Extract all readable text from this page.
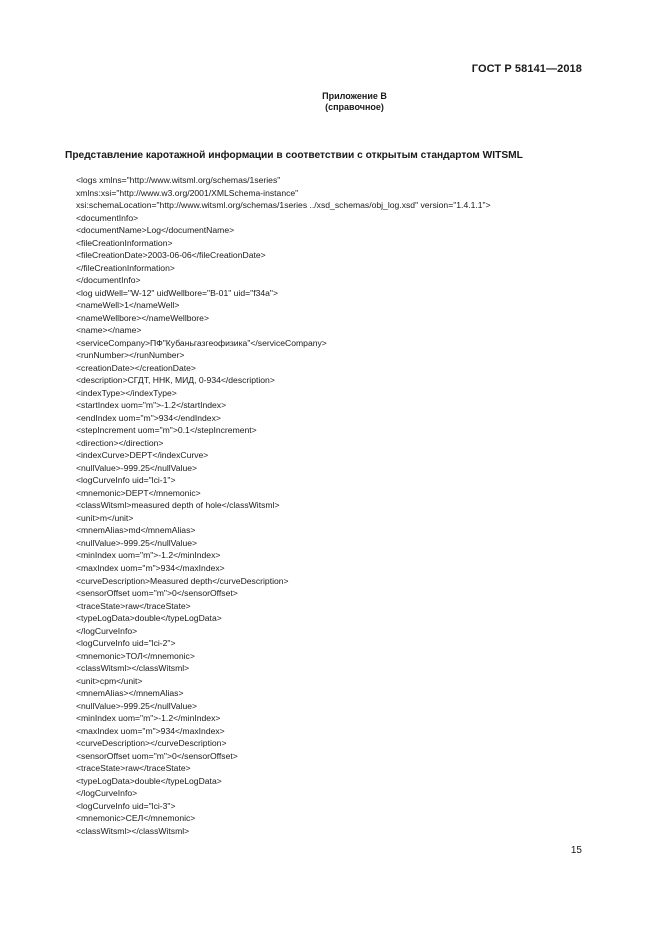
ГОСТ Р 58141—2018
Приложение В
(справочное)
Представление каротажной информации в соответствии с открытым стандартом WITSML
<logs xmlns="http://www.witsml.org/schemas/1series"
xmlns:xsi="http://www.w3.org/2001/XMLSchema-instance"
xsi:schemaLocation="http://www.witsml.org/schemas/1series ../xsd_schemas/obj_log.xsd" version="1.4.1.1">
<documentInfo>
<documentName>Log</documentName>
<fileCreationInformation>
<fileCreationDate>2003-06-06</fileCreationDate>
</fileCreationInformation>
</documentInfo>
<log uidWell="W-12" uidWellbore="B-01" uid="f34a">
<nameWell>1</nameWell>
<nameWellbore></nameWellbore>
<name></name>
<serviceCompany>ПФ"Кубаньгазгеофизика"</serviceCompany>
<runNumber></runNumber>
<creationDate></creationDate>
<description>СГДТ, ННК, МИД, 0-934</description>
<indexType></indexType>
<startIndex uom="m">-1.2</startIndex>
<endIndex uom="m">934</endIndex>
<stepIncrement uom="m">0.1</stepIncrement>
<direction></direction>
<indexCurve>DEPT</indexCurve>
<nullValue>-999.25</nullValue>
<logCurveInfo uid="lci-1">
<mnemonic>DEPT</mnemonic>
<classWitsml>measured depth of hole</classWitsml>
<unit>m</unit>
<mnemAlias>md</mnemAlias>
<nullValue>-999.25</nullValue>
<minIndex uom="m">-1.2</minIndex>
<maxIndex uom="m">934</maxIndex>
<curveDescription>Measured depth</curveDescription>
<sensorOffset uom="m">0</sensorOffset>
<traceState>raw</traceState>
<typeLogData>double</typeLogData>
</logCurveInfo>
<logCurveInfo uid="lci-2">
<mnemonic>ТОЛ</mnemonic>
<classWitsml></classWitsml>
<unit>cpm</unit>
<mnemAlias></mnemAlias>
<nullValue>-999.25</nullValue>
<minIndex uom="m">-1.2</minIndex>
<maxIndex uom="m">934</maxIndex>
<curveDescription></curveDescription>
<sensorOffset uom="m">0</sensorOffset>
<traceState>raw</traceState>
<typeLogData>double</typeLogData>
</logCurveInfo>
<logCurveInfo uid="lci-3">
<mnemonic>СЕЛ</mnemonic>
<classWitsml></classWitsml>
15
